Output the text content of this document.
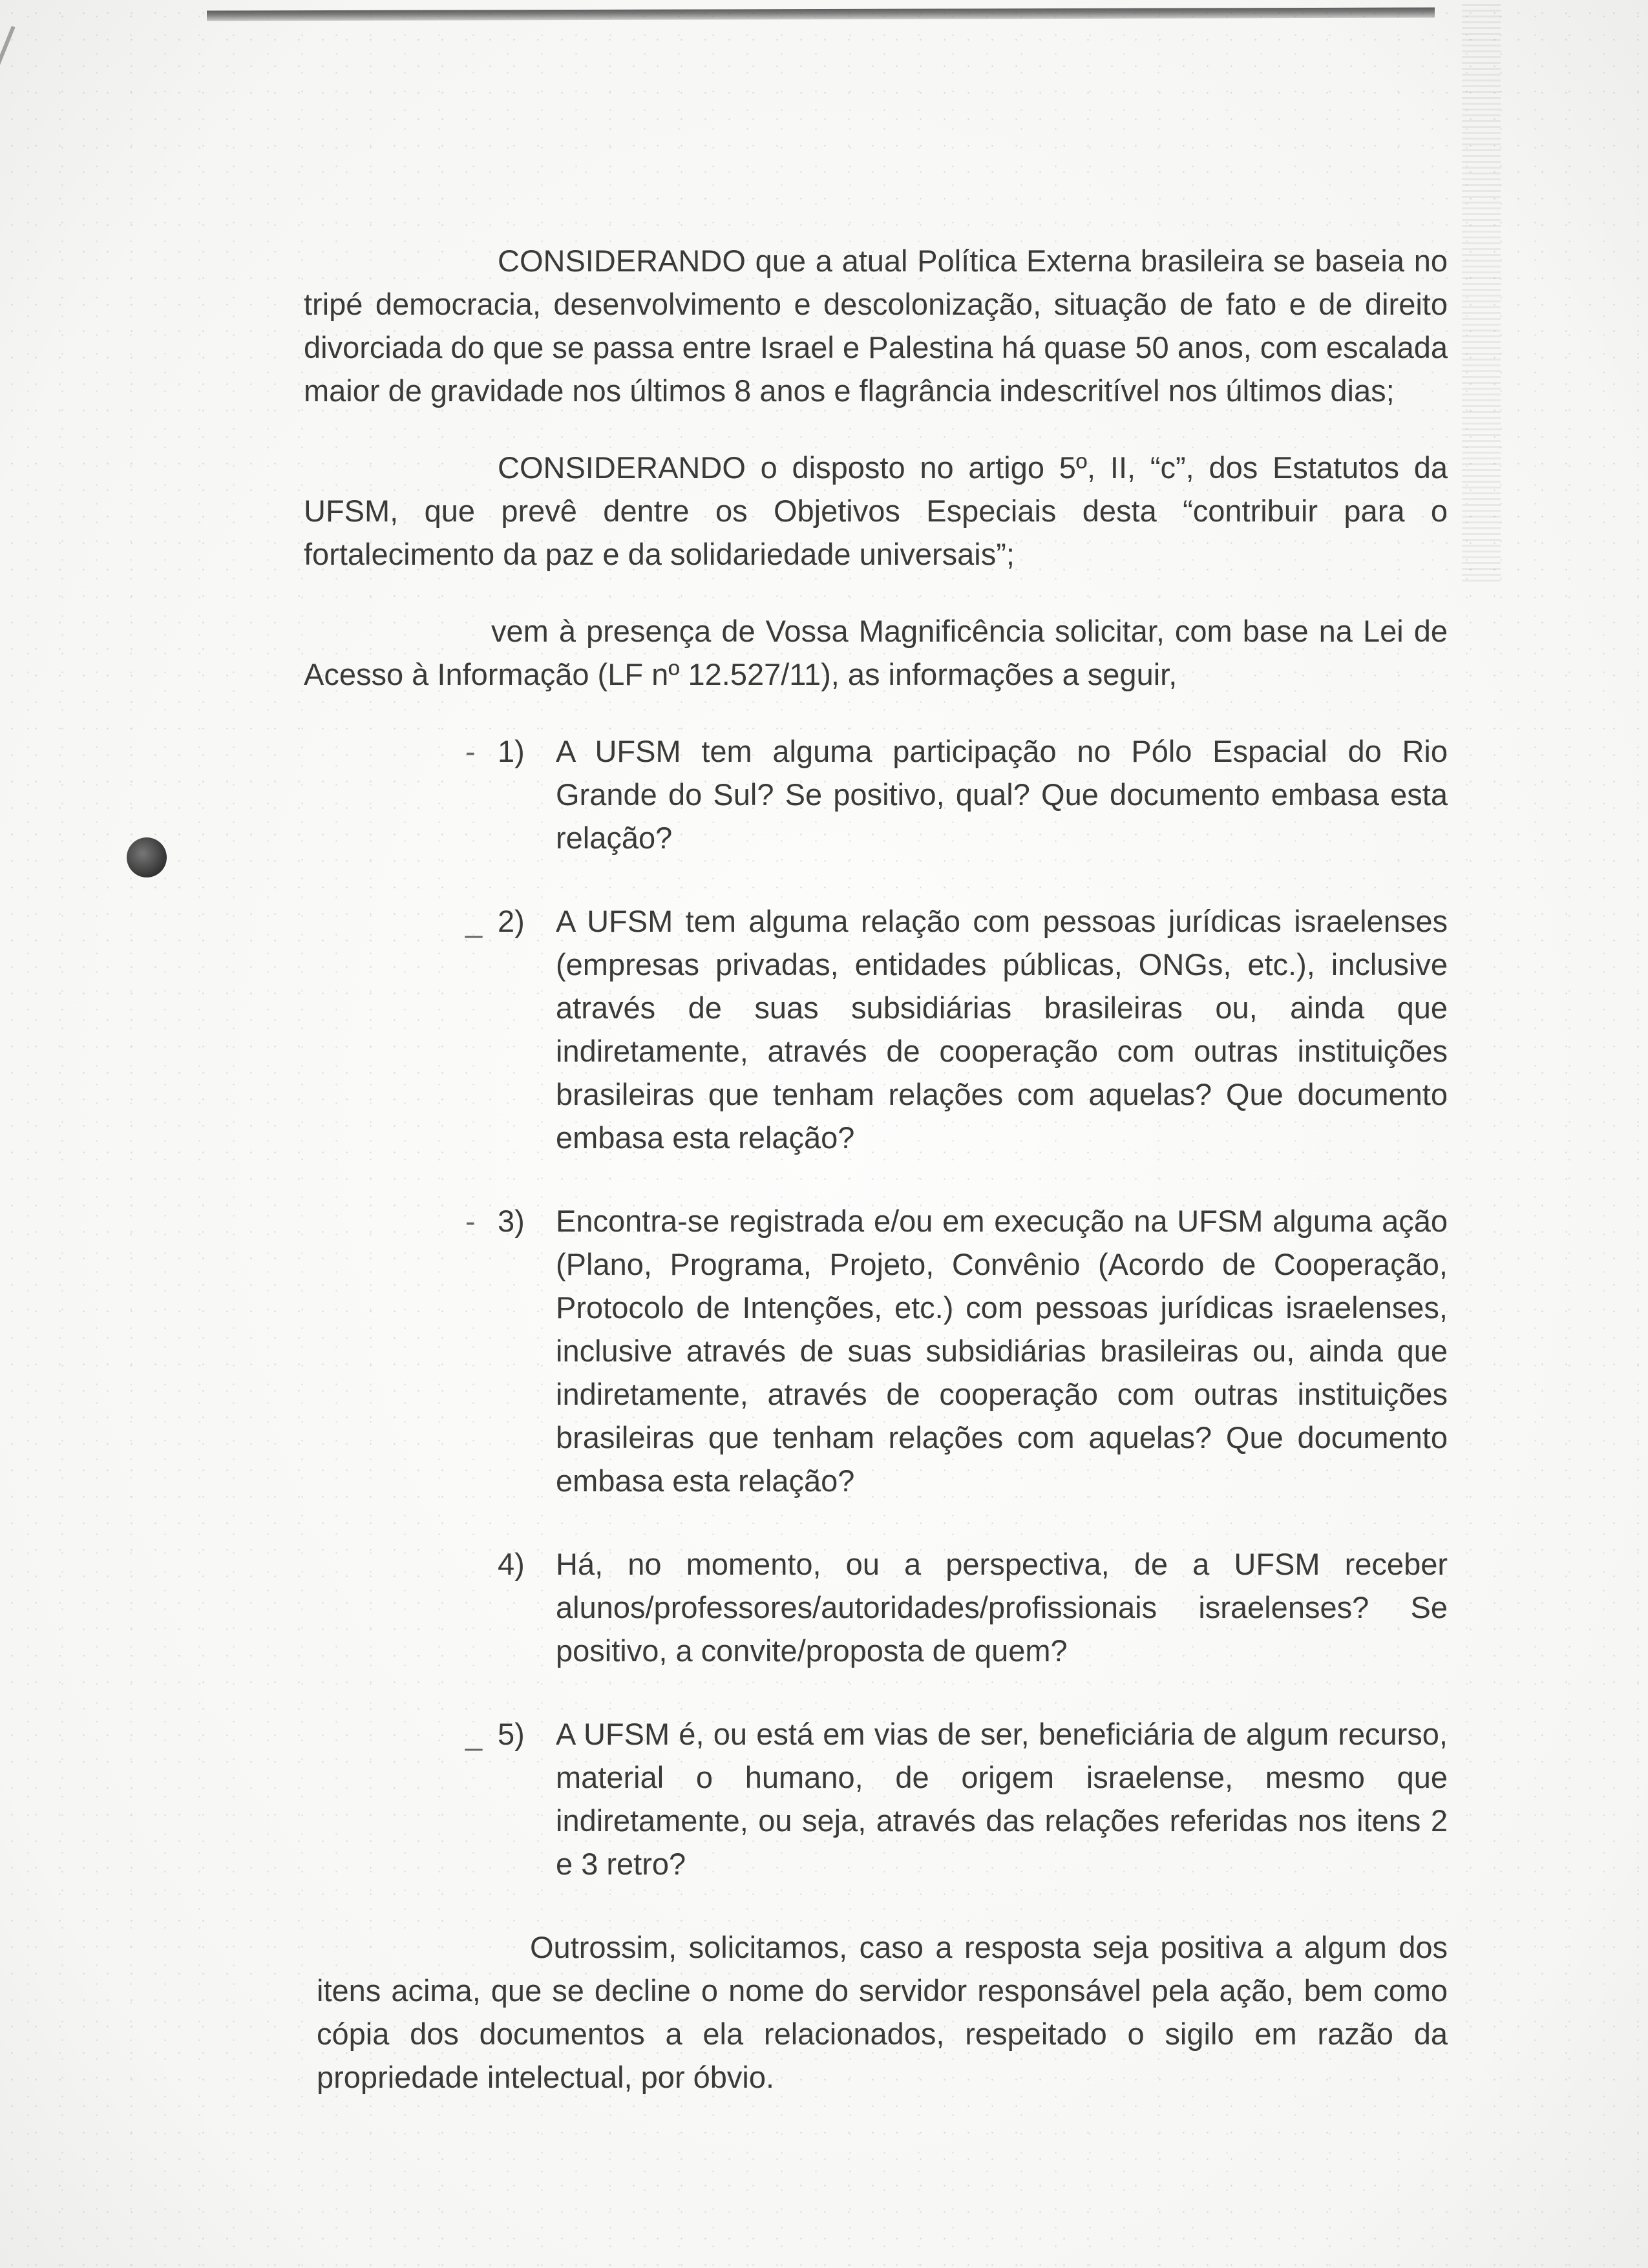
CONSIDERANDO que a atual Política Externa brasileira se baseia no tripé democracia, desenvolvimento e descolonização, situação de fato e de direito divorciada do que se passa entre Israel e Palestina há quase 50 anos, com escalada maior de gravidade nos últimos 8 anos e flagrância indescritível nos últimos dias;

CONSIDERANDO o disposto no artigo 5º, II, “c”, dos Estatutos da UFSM, que prevê dentre os Objetivos Especiais desta “contribuir para o fortalecimento da paz e da solidariedade universais”;

vem à presença de Vossa Magnificência solicitar, com base na Lei de Acesso à Informação (LF nº 12.527/11), as informações a seguir,

- 1) A UFSM tem alguma participação no Pólo Espacial do Rio Grande do Sul? Se positivo, qual? Que documento embasa esta relação?
_ 2) A UFSM tem alguma relação com pessoas jurídicas israelenses (empresas privadas, entidades públicas, ONGs, etc.), inclusive através de suas subsidiárias brasileiras ou, ainda que indiretamente, através de cooperação com outras instituições brasileiras que tenham relações com aquelas? Que documento embasa esta relação?
- 3) Encontra-se registrada e/ou em execução na UFSM alguma ação (Plano, Programa, Projeto, Convênio (Acordo de Cooperação, Protocolo de Intenções, etc.) com pessoas jurídicas israelenses, inclusive através de suas subsidiárias brasileiras ou, ainda que indiretamente, através de cooperação com outras instituições brasileiras que tenham relações com aquelas? Que documento embasa esta relação?
4) Há, no momento, ou a perspectiva, de a UFSM receber alunos/professores/autoridades/profissionais israelenses? Se positivo, a convite/proposta de quem?
_ 5) A UFSM é, ou está em vias de ser, beneficiária de algum recurso, material o humano, de origem israelense, mesmo que indiretamente, ou seja, através das relações referidas nos itens 2 e 3 retro?

Outrossim, solicitamos, caso a resposta seja positiva a algum dos itens acima, que se decline o nome do servidor responsável pela ação, bem como cópia dos documentos a ela relacionados, respeitado o sigilo em razão da propriedade intelectual, por óbvio.
